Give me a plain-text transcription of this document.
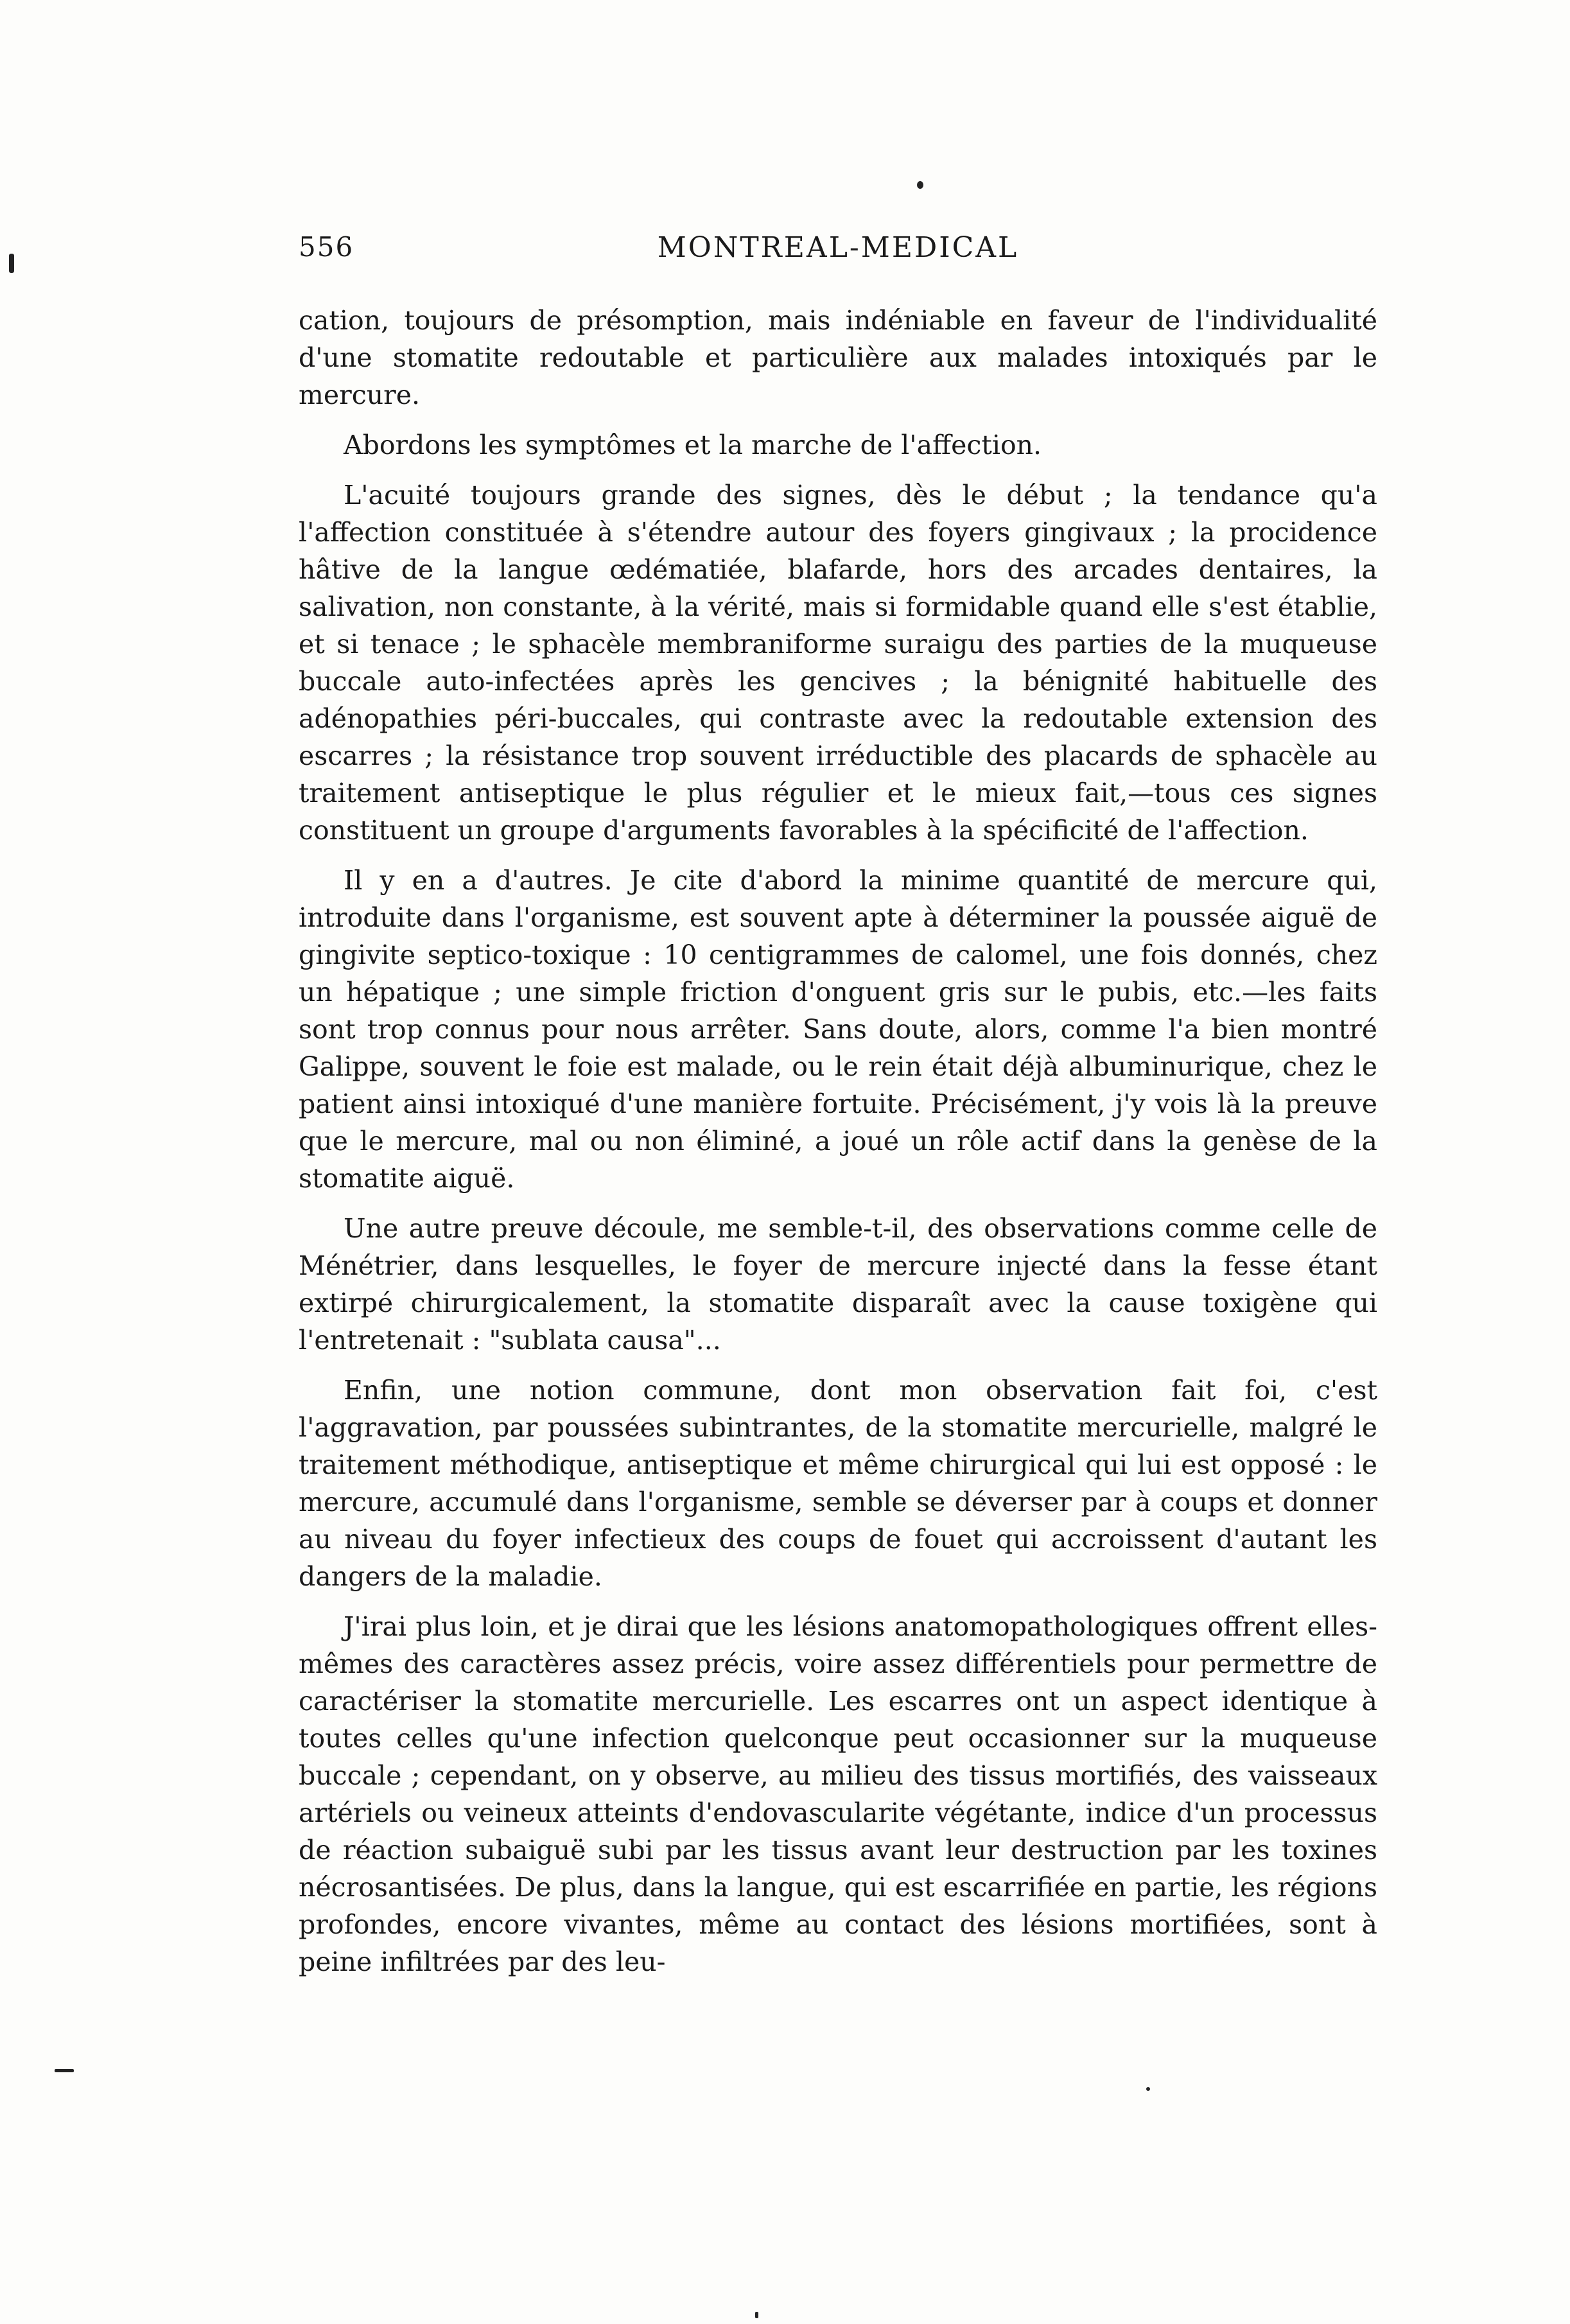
556	MONTREAL-MEDICAL

cation, toujours de présomption, mais indéniable en faveur de l'individualité d'une stomatite redoutable et particulière aux malades intoxiqués par le mercure.

Abordons les symptômes et la marche de l'affection.

L'acuité toujours grande des signes, dès le début ; la tendance qu'a l'affection constituée à s'étendre autour des foyers gingivaux ; la procidence hâtive de la langue œdématiée, blafarde, hors des arcades dentaires, la salivation, non constante, à la vérité, mais si formidable quand elle s'est établie, et si tenace ; le sphacèle membraniforme suraigu des parties de la muqueuse buccale auto-infectées après les gencives ; la bénignité habituelle des adénopathies péri-buccales, qui contraste avec la redoutable extension des escarres ; la résistance trop souvent irréductible des placards de sphacèle au traitement antiseptique le plus régulier et le mieux fait,—tous ces signes constituent un groupe d'arguments favorables à la spécificité de l'affection.

Il y en a d'autres. Je cite d'abord la minime quantité de mercure qui, introduite dans l'organisme, est souvent apte à déterminer la poussée aiguë de gingivite septico-toxique : 10 centigrammes de calomel, une fois donnés, chez un hépatique ; une simple friction d'onguent gris sur le pubis, etc.—les faits sont trop connus pour nous arrêter. Sans doute, alors, comme l'a bien montré Galippe, souvent le foie est malade, ou le rein était déjà albuminurique, chez le patient ainsi intoxiqué d'une manière fortuite. Précisément, j'y vois là la preuve que le mercure, mal ou non éliminé, a joué un rôle actif dans la genèse de la stomatite aiguë.

Une autre preuve découle, me semble-t-il, des observations comme celle de Ménétrier, dans lesquelles, le foyer de mercure injecté dans la fesse étant extirpé chirurgicalement, la stomatite disparaît avec la cause toxigène qui l'entretenait : "sublata causa"...

Enfin, une notion commune, dont mon observation fait foi, c'est l'aggravation, par poussées subintrantes, de la stomatite mercurielle, malgré le traitement méthodique, antiseptique et même chirurgical qui lui est opposé : le mercure, accumulé dans l'organisme, semble se déverser par à coups et donner au niveau du foyer infectieux des coups de fouet qui accroissent d'autant les dangers de la maladie.

J'irai plus loin, et je dirai que les lésions anatomopathologiques offrent elles-mêmes des caractères assez précis, voire assez différentiels pour permettre de caractériser la stomatite mercurielle. Les escarres ont un aspect identique à toutes celles qu'une infection quelconque peut occasionner sur la muqueuse buccale ; cependant, on y observe, au milieu des tissus mortifiés, des vaisseaux artériels ou veineux atteints d'endovascularite végétante, indice d'un processus de réaction subaiguë subi par les tissus avant leur destruction par les toxines nécrosantisées. De plus, dans la langue, qui est escarrifiée en partie, les régions profondes, encore vivantes, même au contact des lésions mortifiées, sont à peine infiltrées par des leu-
